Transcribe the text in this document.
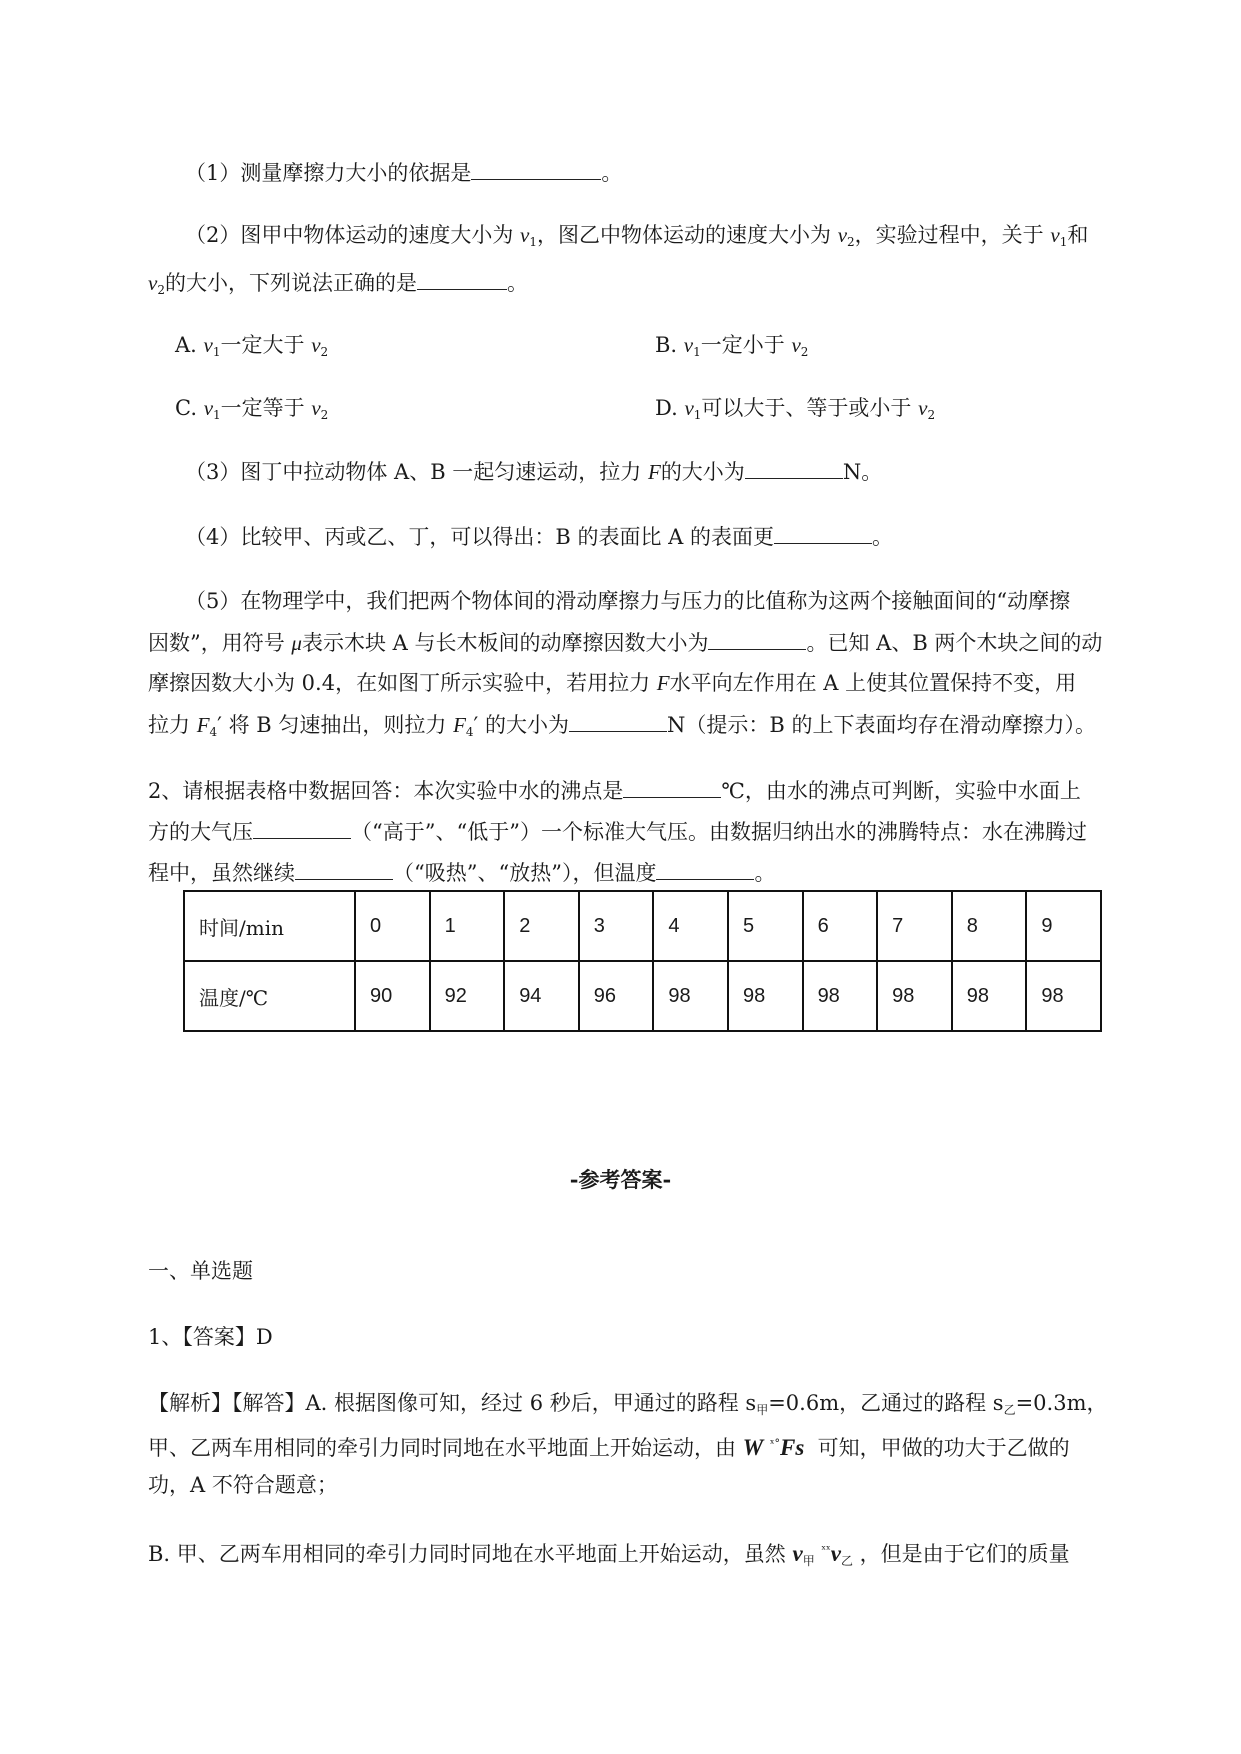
（1）测量摩擦力大小的依据是	。
（2）图甲中物体运动的速度大小为 $v_1$，图乙中物体运动的速度大小为 $v_2$，实验过程中，关于 $v_1$和
$v_2$的大小，下列说法正确的是	。
A. $v_1$一定大于 $v_2$	B. $v_1$一定小于 $v_2$
C. $v_1$一定等于 $v_2$	D. $v_1$可以大于、等于或小于 $v_2$
（3）图丁中拉动物体 A、B 一起匀速运动，拉力 F的大小为	N。
（4）比较甲、丙或乙、丁，可以得出：B 的表面比 A 的表面更	。
（5）在物理学中，我们把两个物体间的滑动摩擦力与压力的比值称为这两个接触面间的“动摩擦
因数”，用符号 μ表示木块 A 与长木板间的动摩擦因数大小为	。已知 A、B 两个木块之间的动
摩擦因数大小为 0.4，在如图丁所示实验中，若用拉力 F水平向左作用在 A 上使其位置保持不变，用
拉力 $F_4'$ 将 B 匀速抽出，则拉力 $F_4'$ 的大小为	N（提示：B 的上下表面均存在滑动摩擦力）。
2、请根据表格中数据回答：本次实验中水的沸点是	℃，由水的沸点可判断，实验中水面上
方的大气压	（“高于”、“低于”）一个标准大气压。由数据归纳出水的沸腾特点：水在沸腾过
程中，虽然继续	（“吸热”、“放热”），但温度	。
时间/min	0	1	2	3	4	5	6	7	8	9
温度/℃	90	92	94	96	98	98	98	98	98	98
-参考答案-
一、单选题
1、【答案】D
【解析】【解答】A. 根据图像可知，经过 6 秒后，甲通过的路程 $s_甲=0.6m$，乙通过的路程 $s_乙=0.3m$，
甲、乙两车用相同的牵引力同时同地在水平地面上开始运动，由 W $^{ˣ^\circ}$Fs 可知，甲做的功大于乙做的
功，A 不符合题意；
B. 甲、乙两车用相同的牵引力同时同地在水平地面上开始运动，虽然 $v_甲$ $^{ˣˣ}v_乙$ ，但是由于它们的质量
